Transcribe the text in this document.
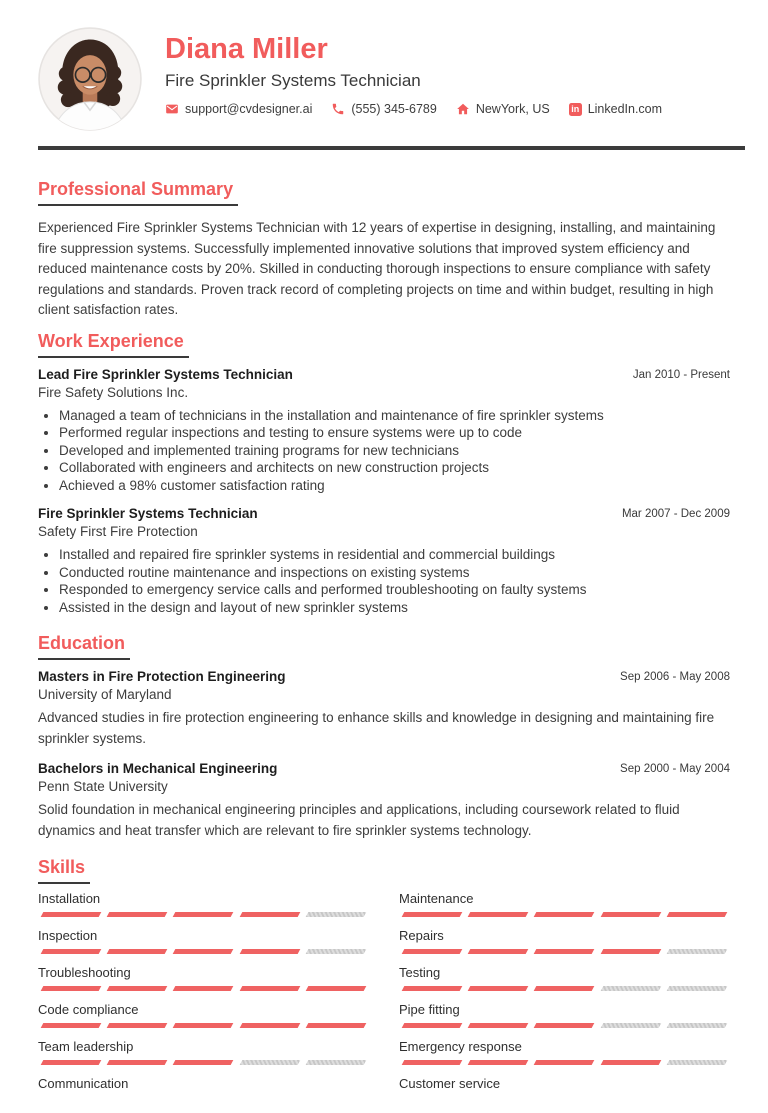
Diana Miller
Fire Sprinkler Systems Technician
support@cvdesigner.ai	(555) 345-6789	NewYork, US in LinkedIn.com
Professional Summary

Experienced Fire Sprinkler Systems Technician with 12 years of expertise in designing, installing, and maintaining fire suppression systems. Successfully implemented innovative solutions that improved system efficiency and reduced maintenance costs by 20%. Skilled in conducting thorough inspections to ensure compliance with safety regulations and standards. Proven track record of completing projects on time and within budget, resulting in high client satisfaction rates.

Work Experience
Lead Fire Sprinkler Systems Technician
Fire Safety Solutions Inc.
Jan 2010 - Present
• Managed a team of technicians in the installation and maintenance of fire sprinkler systems
• Performed regular inspections and testing to ensure systems were up to code
• Developed and implemented training programs for new technicians
• Collaborated with engineers and architects on new construction projects
• Achieved a 98% customer satisfaction rating
Fire Sprinkler Systems Technician
Safety First Fire Protection
Mar 2007 - Dec 2009
• Installed and repaired fire sprinkler systems in residential and commercial buildings
• Conducted routine maintenance and inspections on existing systems
• Responded to emergency service calls and performed troubleshooting on faulty systems
• Assisted in the design and layout of new sprinkler systems
Education
Masters in Fire Protection Engineering
University of Maryland
Sep 2006 - May 2008

Advanced studies in fire protection engineering to enhance skills and knowledge in designing and maintaining fire sprinkler systems.

Bachelors in Mechanical Engineering
Penn State University
Sep 2000 - May 2004

Solid foundation in mechanical engineering principles and applications, including coursework related to fluid dynamics and heat transfer which are relevant to fire sprinkler systems technology.

Skills
Installation
Inspection
Troubleshooting
Code compliance
Team leadership
Communication
Maintenance
Repairs
Testing
Pipe fitting
Emergency response
Customer service
